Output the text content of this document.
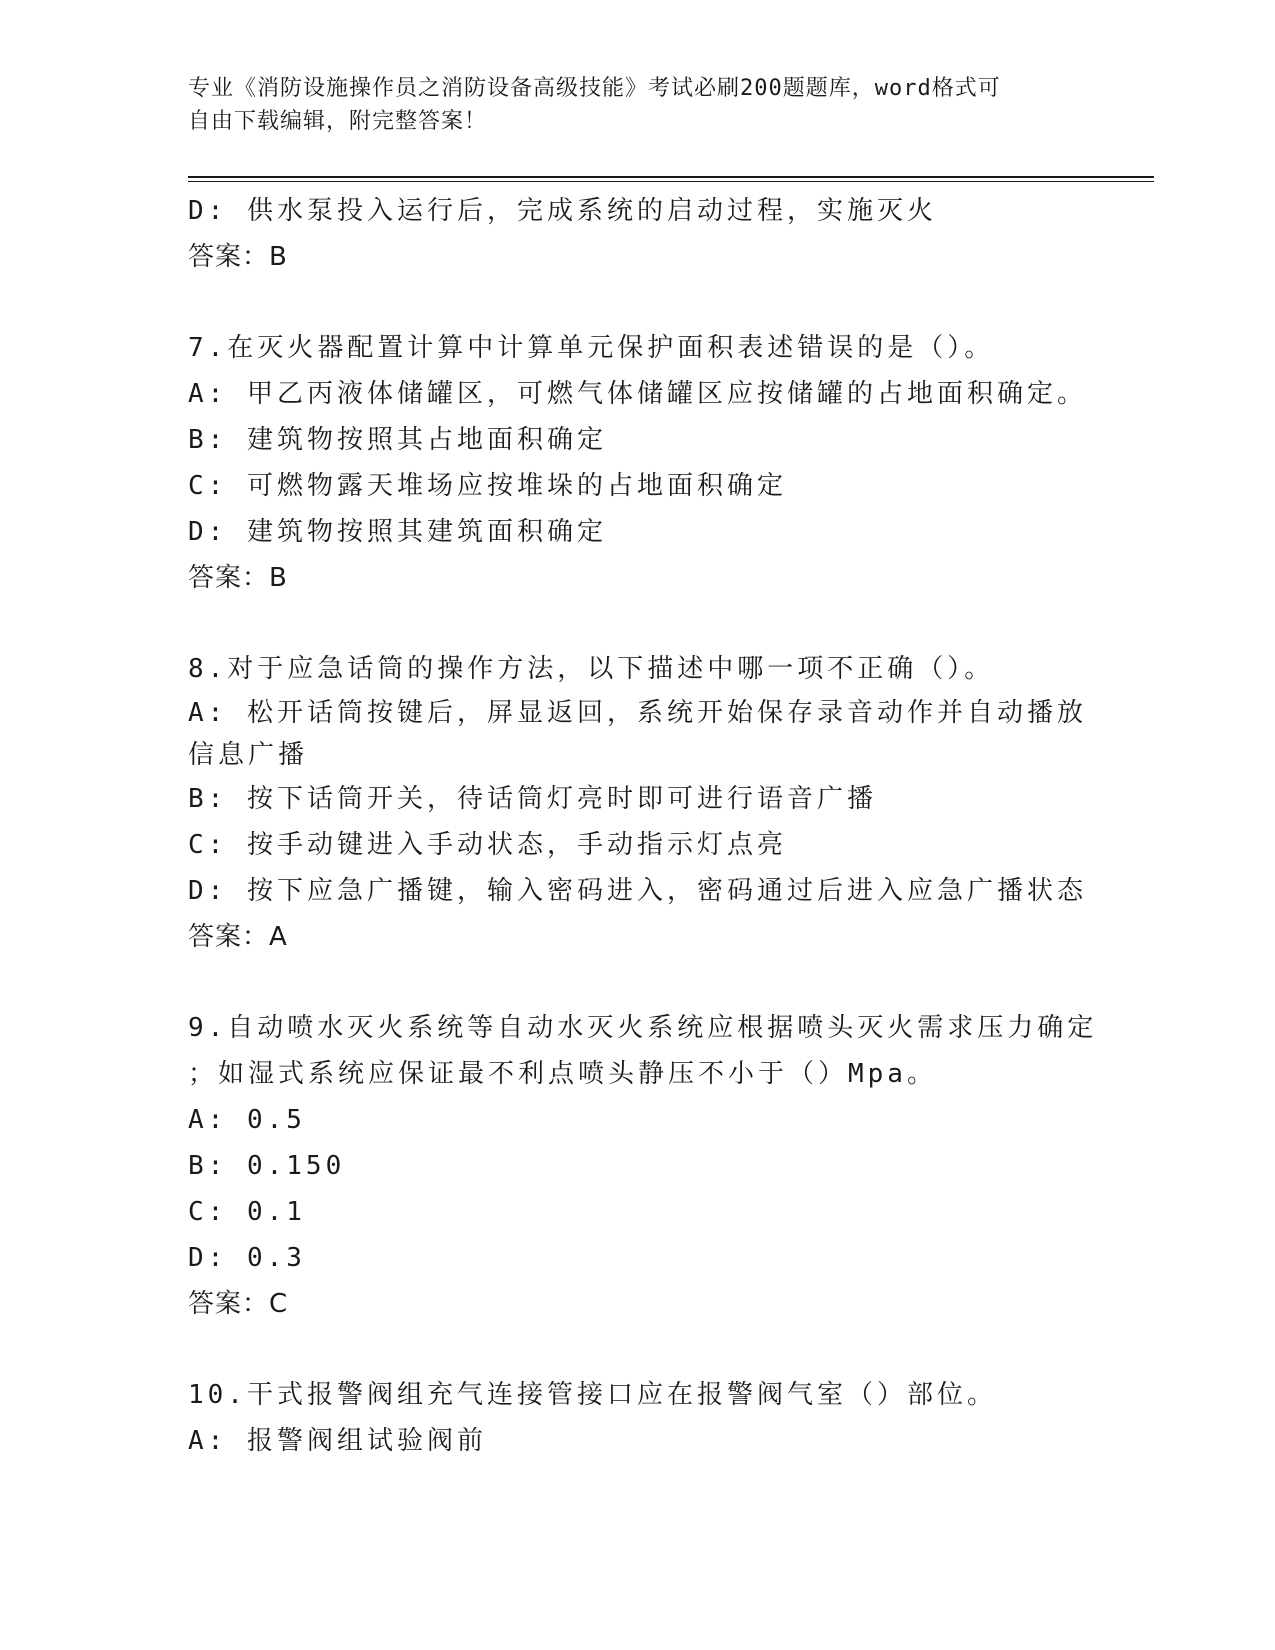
专业《消防设施操作员之消防设备高级技能》考试必刷200题题库，word格式可
自由下载编辑，附完整答案！
D: 供水泵投入运行后，完成系统的启动过程，实施灭火
答案：B
7.在灭火器配置计算中计算单元保护面积表述错误的是（）。
A: 甲乙丙液体储罐区，可燃气体储罐区应按储罐的占地面积确定。
B: 建筑物按照其占地面积确定
C: 可燃物露天堆场应按堆垛的占地面积确定
D: 建筑物按照其建筑面积确定
答案：B
8.对于应急话筒的操作方法，以下描述中哪一项不正确（）。
A: 松开话筒按键后，屏显返回，系统开始保存录音动作并自动播放信息广播
B: 按下话筒开关，待话筒灯亮时即可进行语音广播
C: 按手动键进入手动状态，手动指示灯点亮
D: 按下应急广播键，输入密码进入，密码通过后进入应急广播状态
答案：A
9.自动喷水灭火系统等自动水灭火系统应根据喷头灭火需求压力确定
；如湿式系统应保证最不利点喷头静压不小于（）Mpa。
A: 0.5
B: 0.150
C: 0.1
D: 0.3
答案：C
10.干式报警阀组充气连接管接口应在报警阀气室（）部位。
A: 报警阀组试验阀前
